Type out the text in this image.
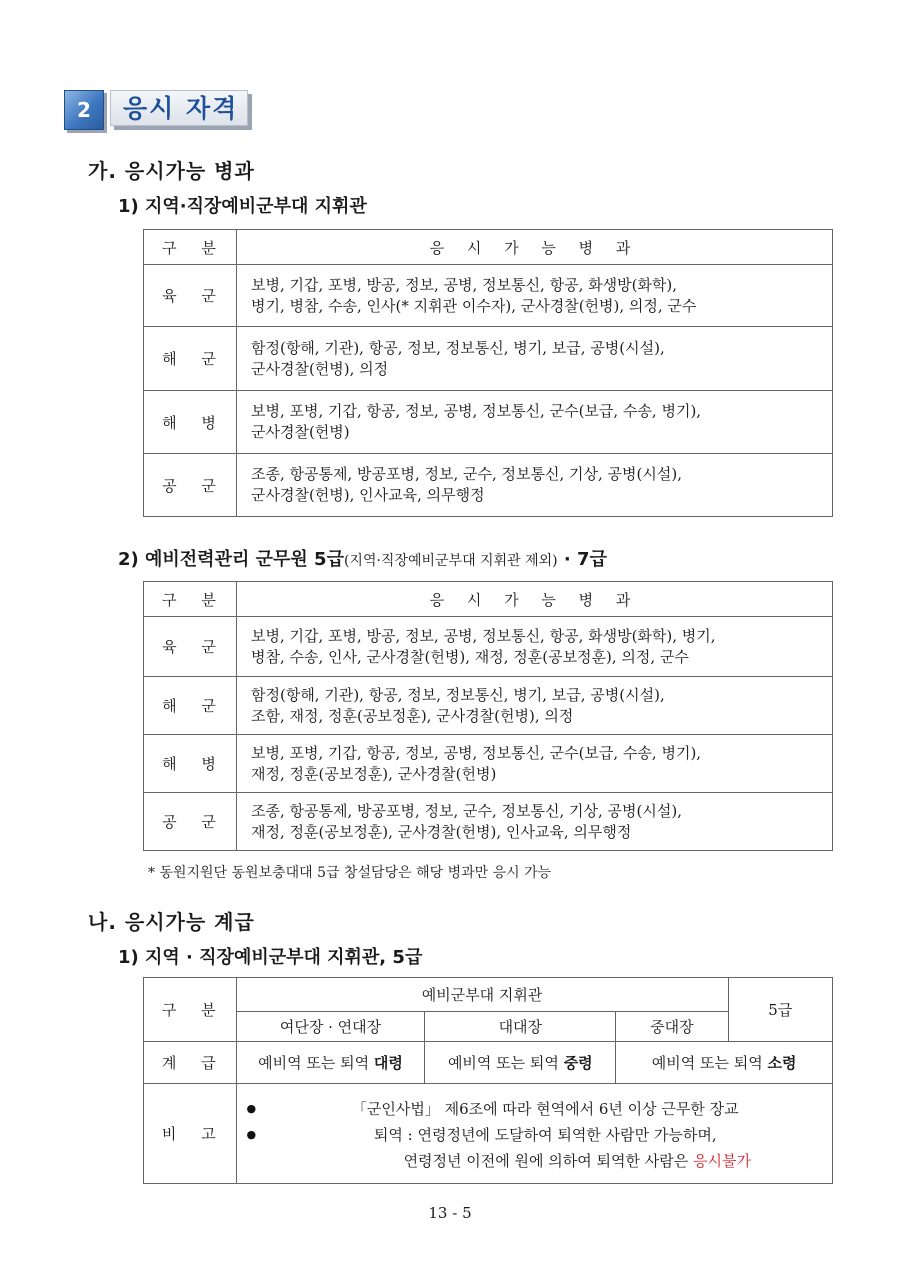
2	응시 자격
가. 응시가능 병과
1) 지역·직장예비군부대 지휘관
구 분	응 시 가 능 병 과
육 군	보병, 기갑, 포병, 방공, 정보, 공병, 정보통신, 항공, 화생방(화학),
병기, 병참, 수송, 인사(* 지휘관 이수자), 군사경찰(헌병), 의정, 군수

해 군	함정(항해, 기관), 항공, 정보, 정보통신, 병기, 보급, 공병(시설),
군사경찰(헌병), 의정

해 병	보병, 포병, 기갑, 항공, 정보, 공병, 정보통신, 군수(보급, 수송, 병기),
군사경찰(헌병)

공 군	조종, 항공통제, 방공포병, 정보, 군수, 정보통신, 기상, 공병(시설),
군사경찰(헌병), 인사교육, 의무행정
2) 예비전력관리 군무원 5급(지역·직장예비군부대 지휘관 제외) · 7급
구 분	응 시 가 능 병 과
육 군	보병, 기갑, 포병, 방공, 정보, 공병, 정보통신, 항공, 화생방(화학), 병기,
병참, 수송, 인사, 군사경찰(헌병), 재정, 정훈(공보정훈), 의정, 군수

해 군	함정(항해, 기관), 항공, 정보, 정보통신, 병기, 보급, 공병(시설),
조함, 재정, 정훈(공보정훈), 군사경찰(헌병), 의정

해 병	보병, 포병, 기갑, 항공, 정보, 공병, 정보통신, 군수(보급, 수송, 병기),
재정, 정훈(공보정훈), 군사경찰(헌병)

공 군	조종, 항공통제, 방공포병, 정보, 군수, 정보통신, 기상, 공병(시설),
재정, 정훈(공보정훈), 군사경찰(헌병), 인사교육, 의무행정
* 동원지원단 동원보충대대 5급 창설담당은 해당 병과만 응시 가능
나. 응시가능 계급
1) 지역 · 직장예비군부대 지휘관, 5급
구 분	예비군부대 지휘관			5급
	여단장 · 연대장	대대장	중대장	
계 급	예비역 또는 퇴역 대령	예비역 또는 퇴역 중령	예비역 또는 퇴역 소령	
비 고	● 「군인사법」 제6조에 따라 현역에서 6년 이상 근무한 장교
● 퇴역 : 연령정년에 도달하여 퇴역한 사람만 가능하며,
연령정년 이전에 원에 의하여 퇴역한 사람은 응시불가
13 - 5
